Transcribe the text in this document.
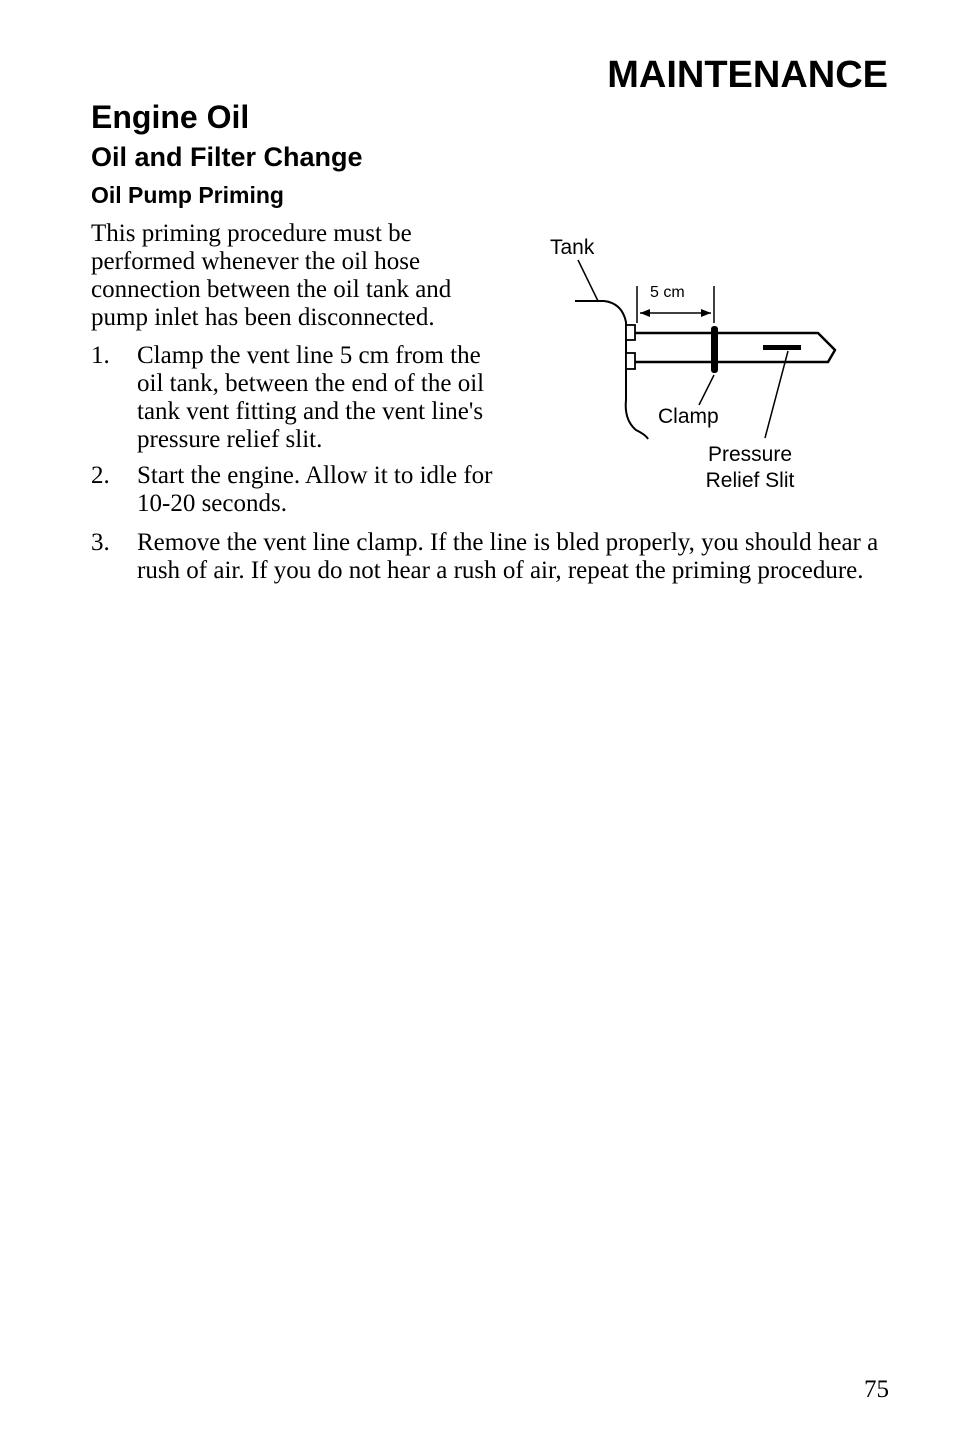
MAINTENANCE
Engine Oil
Oil and Filter Change
Oil Pump Priming

This priming procedure must be performed whenever the oil hose connection between the oil tank and pump inlet has been disconnected.

1. Clamp the vent line 5 cm from the oil tank, between the end of the oil tank vent fitting and the vent line's pressure relief slit.
2. Start the engine. Allow it to idle for 10-20 seconds.
3. Remove the vent line clamp. If the line is bled properly, you should hear a rush of air. If you do not hear a rush of air, repeat the priming procedure.
Tank
5 cm
Clamp
Pressure
Relief Slit

75
